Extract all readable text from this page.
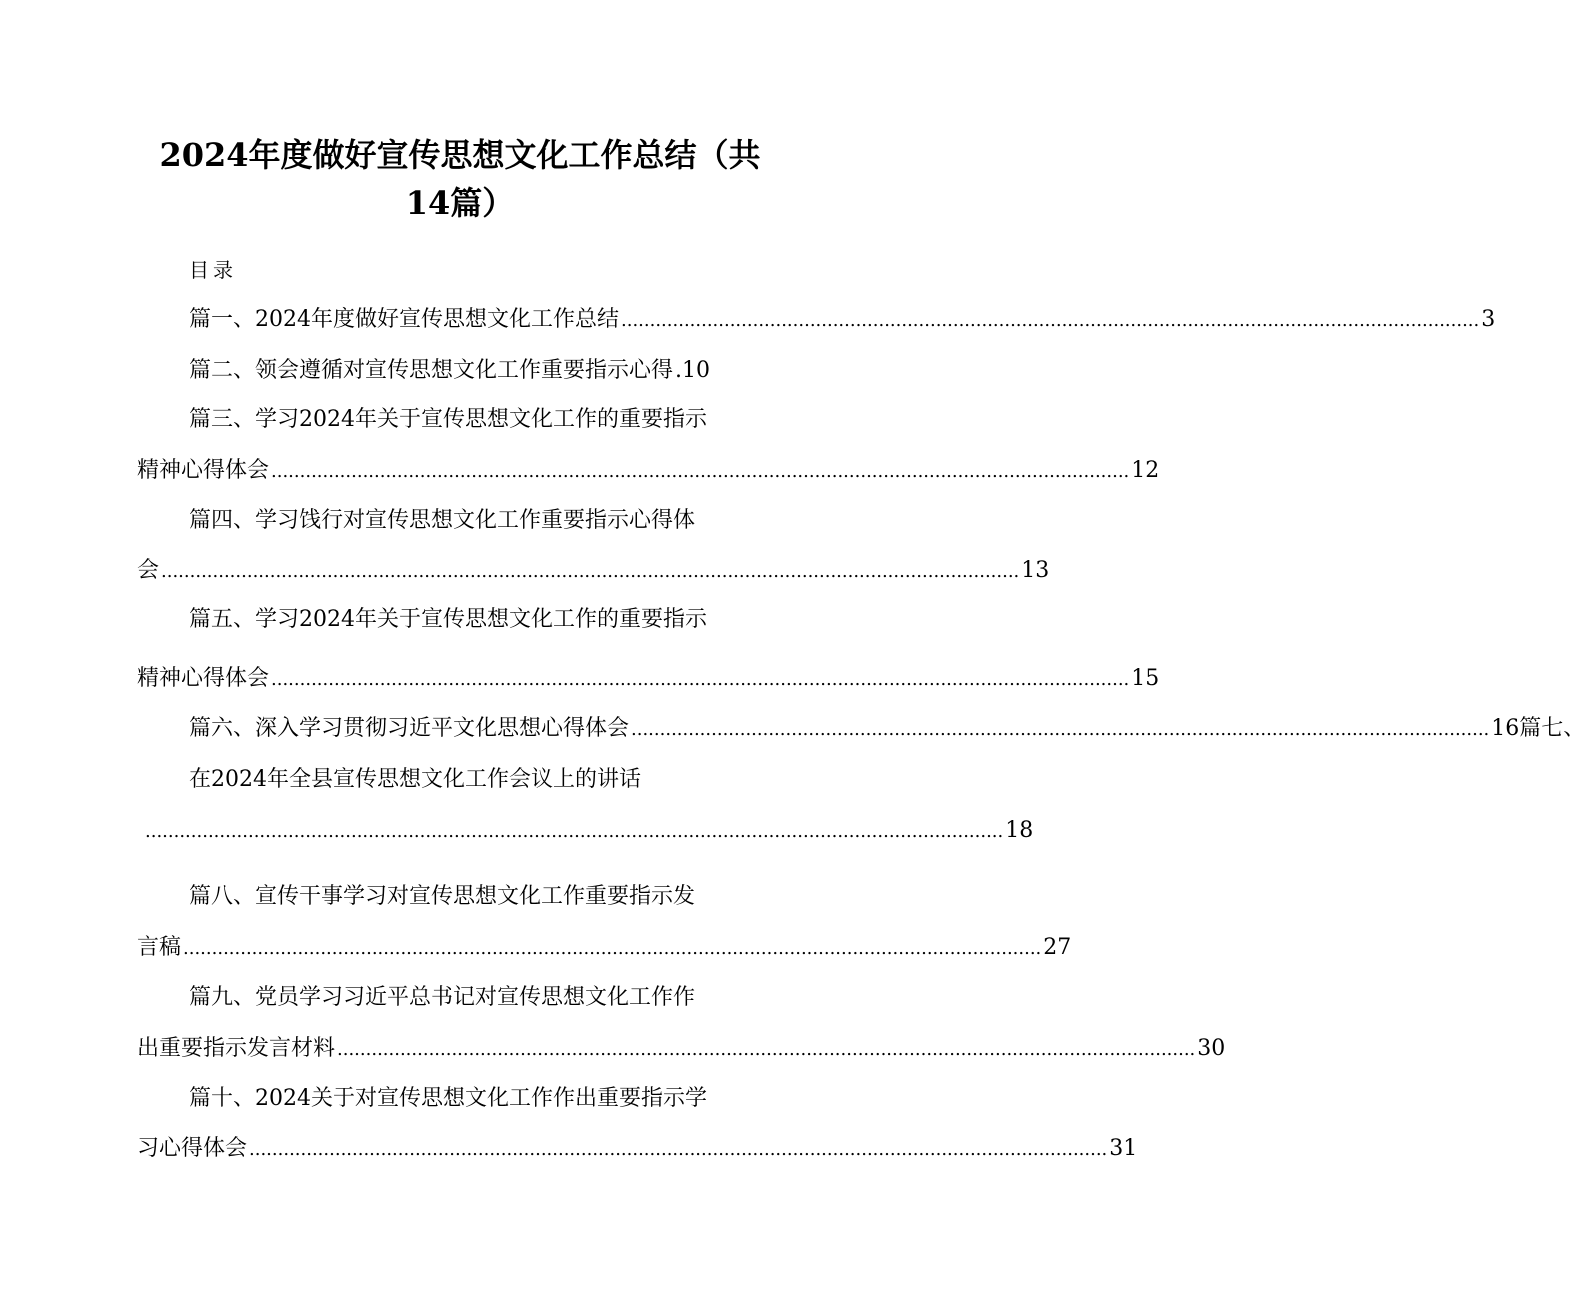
2024年度做好宣传思想文化工作总结（共
14篇）
目录
篇一、2024年度做好宣传思想文化工作总结 ...................................................................................................................................................... 3
篇二、领会遵循对宣传思想文化工作重要指示心得 .10
篇三、学习2024年关于宣传思想文化工作的重要指示
精神心得体会 ...................................................................................................................................................... 12
篇四、学习饯行对宣传思想文化工作重要指示心得体
会 ...................................................................................................................................................... 13
篇五、学习2024年关于宣传思想文化工作的重要指示
精神心得体会 ...................................................................................................................................................... 15
篇六、深入学习贯彻习近平文化思想心得体会 ...................................................................................................................................................... 16 篇七、
在2024年全县宣传思想文化工作会议上的讲话
...................................................................................................................................................... 18
篇八、宣传干事学习对宣传思想文化工作重要指示发
言稿 ...................................................................................................................................................... 27
篇九、党员学习习近平总书记对宣传思想文化工作作
出重要指示发言材料 ...................................................................................................................................................... 30
篇十、2024关于对宣传思想文化工作作出重要指示学
习心得体会 ...................................................................................................................................................... 31
